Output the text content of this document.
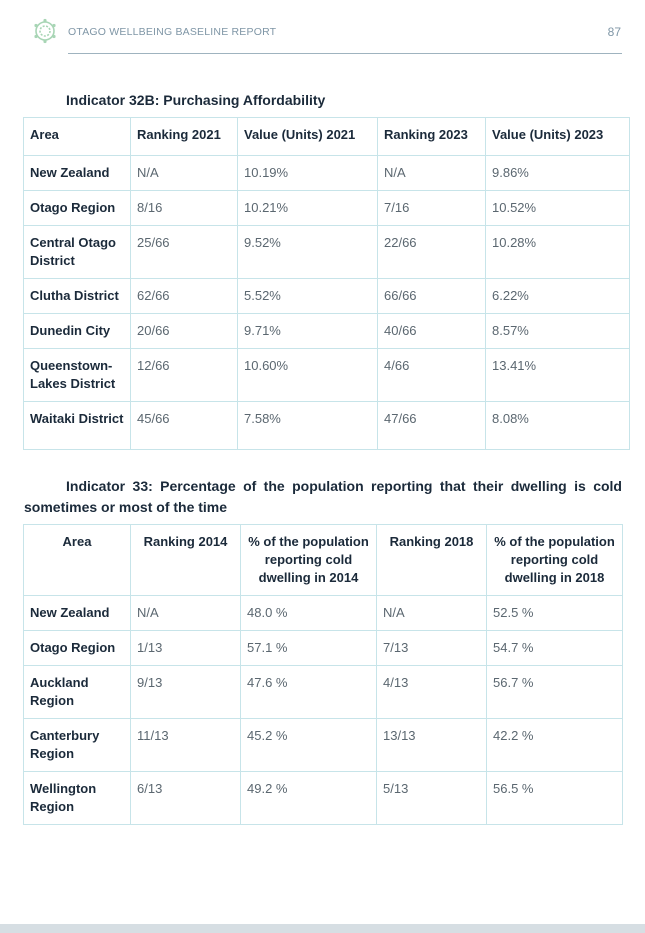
OTAGO WELLBEING BASELINE REPORT	87
Indicator 32B: Purchasing Affordability
Area	Ranking 2021	Value (Units) 2021	Ranking 2023	Value (Units) 2023
New Zealand	N/A	10.19%	N/A	9.86%
Otago Region	8/16	10.21%	7/16	10.52%
Central Otago District	25/66	9.52%	22/66	10.28%
Clutha District	62/66	5.52%	66/66	6.22%
Dunedin City	20/66	9.71%	40/66	8.57%
Queenstown-Lakes District	12/66	10.60%	4/66	13.41%
Waitaki District	45/66	7.58%	47/66	8.08%
Indicator 33: Percentage of the population reporting that their dwelling is cold sometimes or most of the time
Area	Ranking 2014	% of the population reporting cold dwelling in 2014	Ranking 2018	% of the population reporting cold dwelling in 2018
New Zealand	N/A	48.0 %	N/A	52.5 %
Otago Region	1/13	57.1 %	7/13	54.7 %
Auckland Region	9/13	47.6 %	4/13	56.7 %
Canterbury Region	11/13	45.2 %	13/13	42.2 %
Wellington Region	6/13	49.2 %	5/13	56.5 %
